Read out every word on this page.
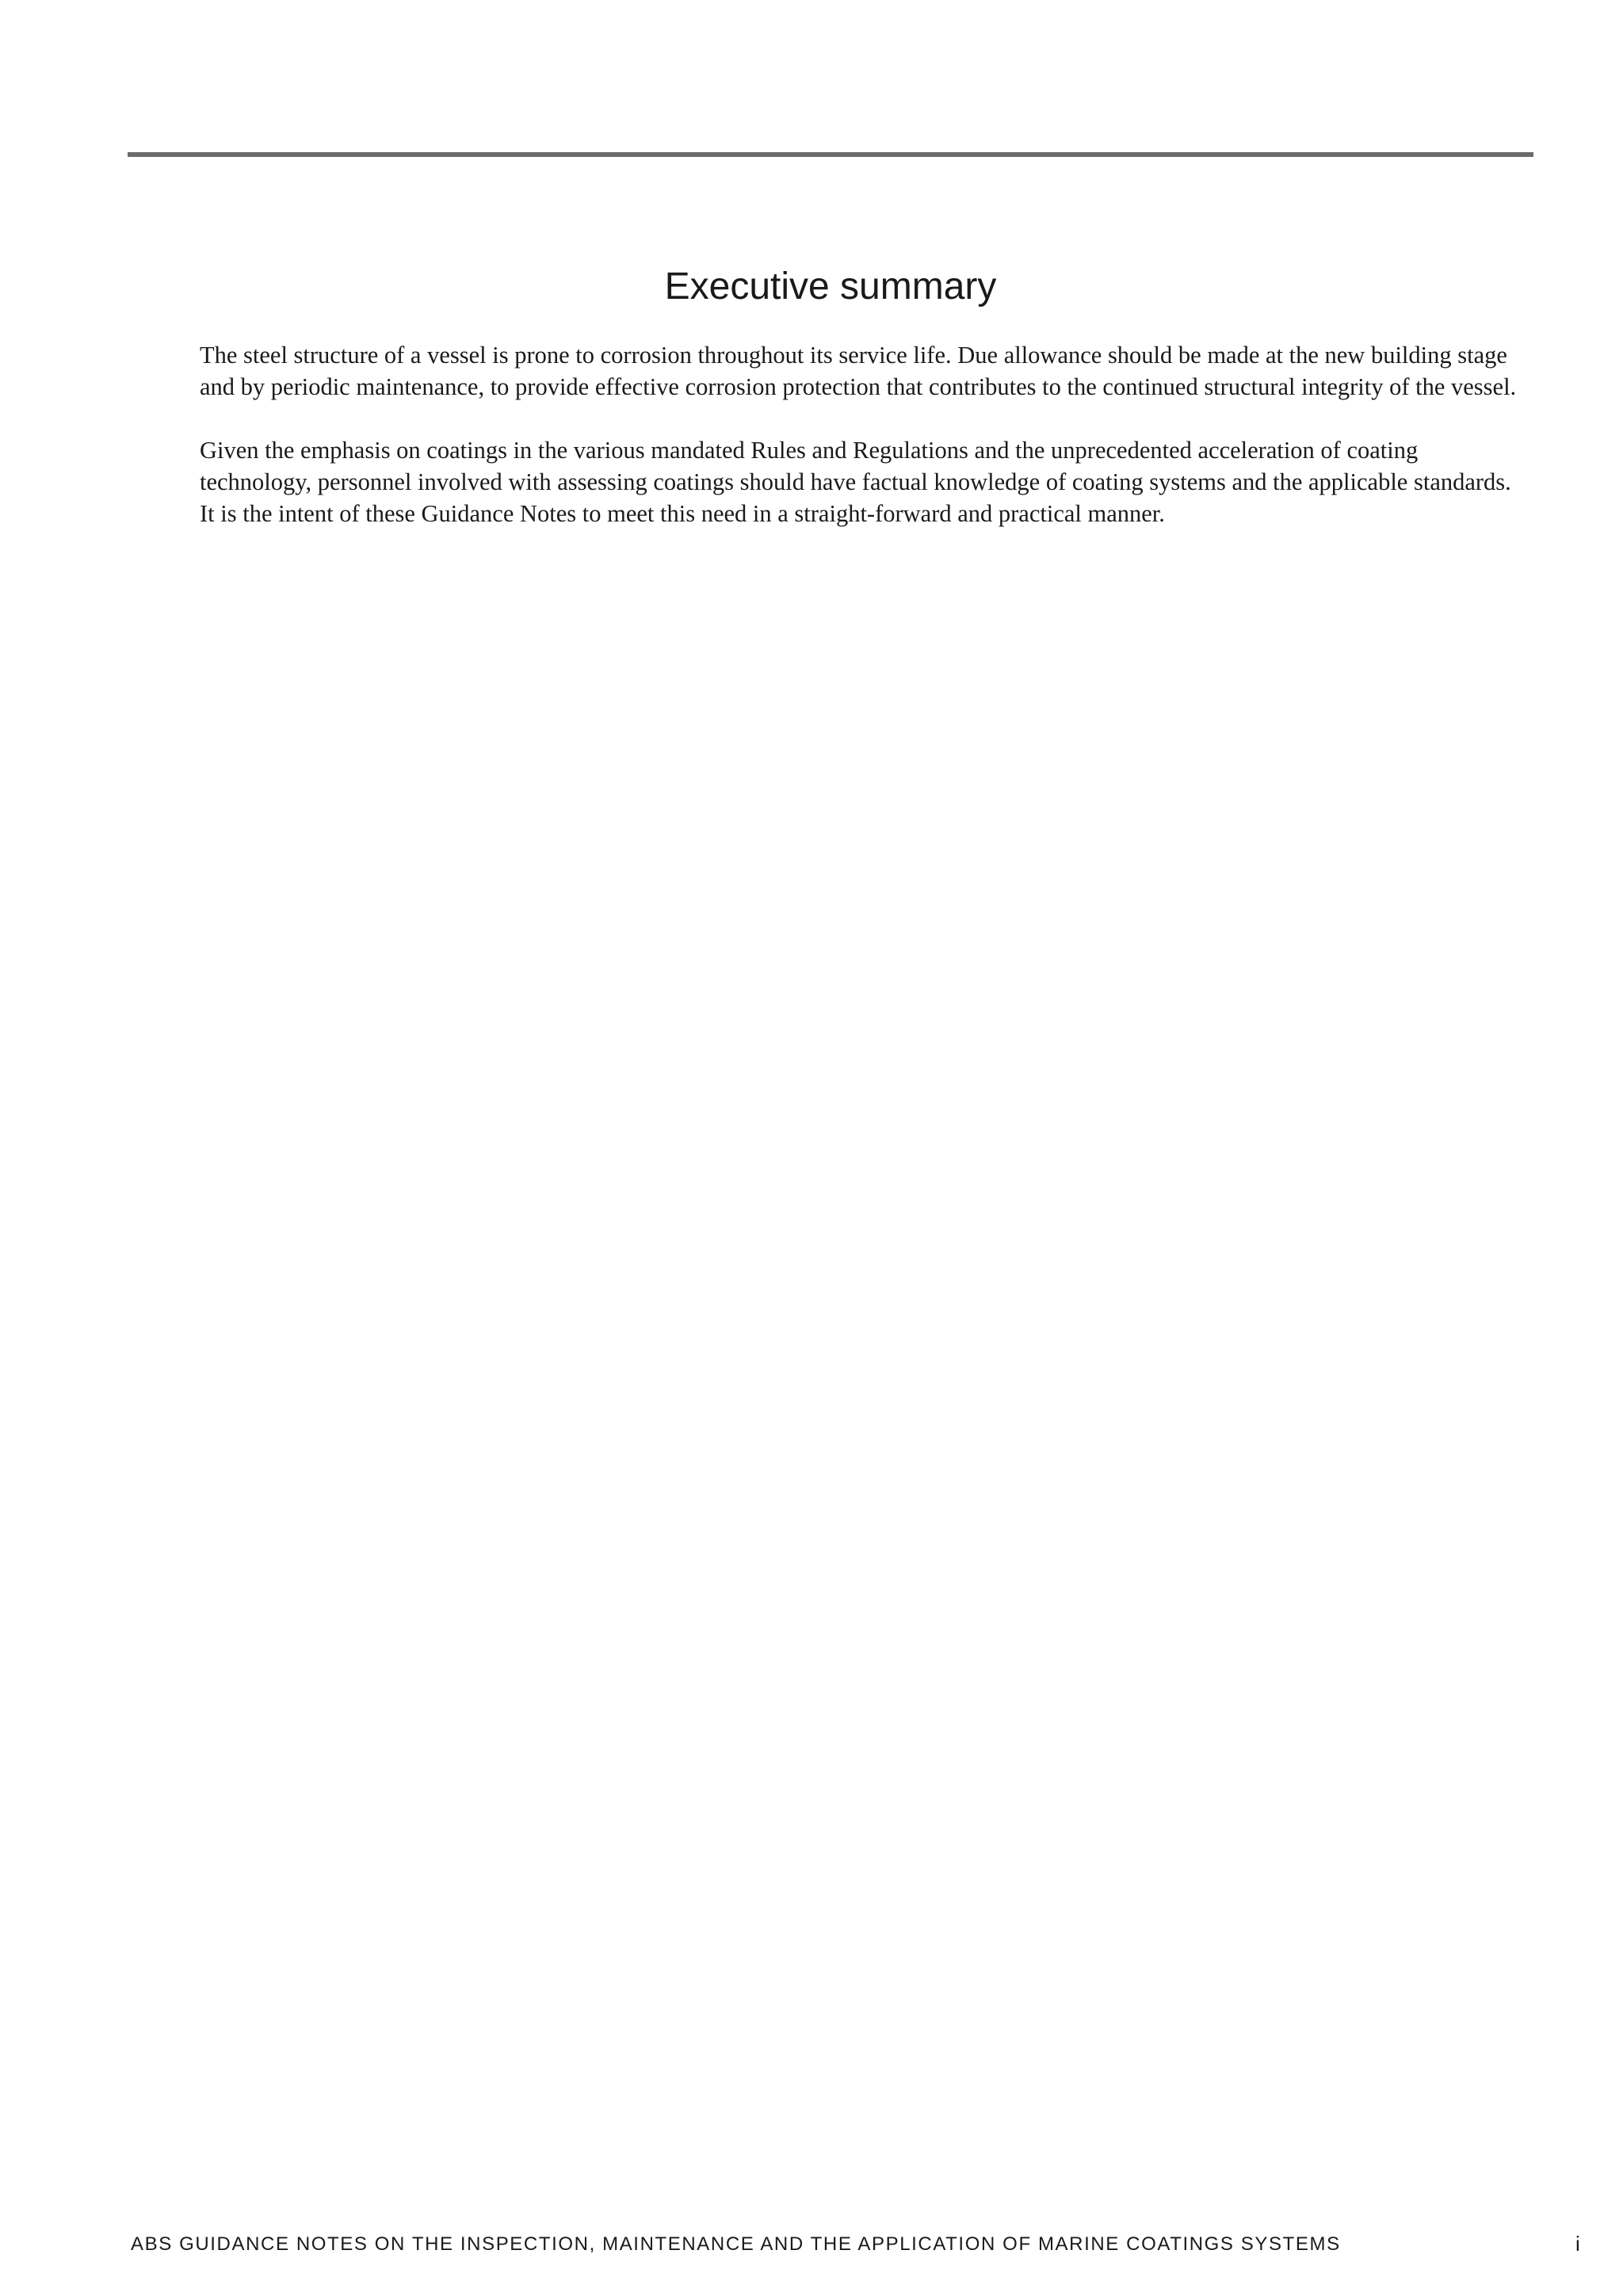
Executive summary

The steel structure of a vessel is prone to corrosion throughout its service life. Due allowance should be made at the new building stage and by periodic maintenance, to provide effective corrosion protection that contributes to the continued structural integrity of the vessel.

Given the emphasis on coatings in the various mandated Rules and Regulations and the unprecedented acceleration of coating technology, personnel involved with assessing coatings should have factual knowledge of coating systems and the applicable standards. It is the intent of these Guidance Notes to meet this need in a straight-forward and practical manner.

ABS GUIDANCE NOTES ON THE INSPECTION, MAINTENANCE AND THE APPLICATION OF MARINE COATINGS SYSTEMS	i
